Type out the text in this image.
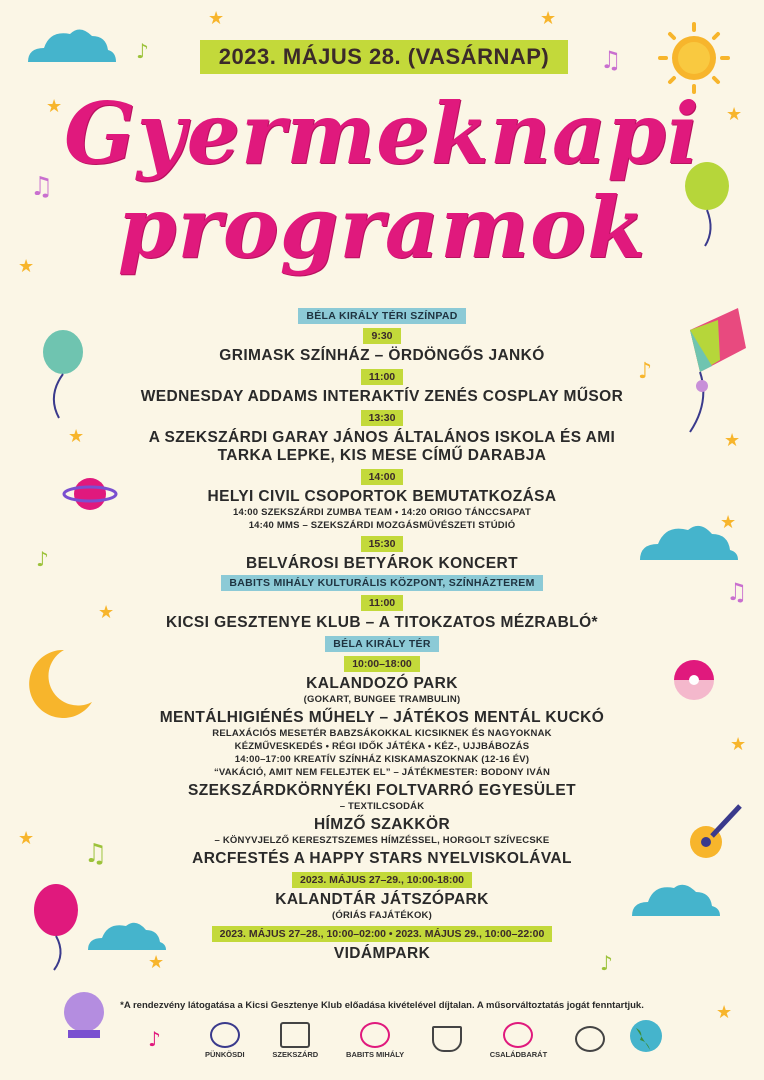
♫
♫
♪
♪
♪
♫
♫
♪
♪
★	★
★	★
★
★	★
★
★
★
★
★
★
2023. MÁJUS 28. (VASÁRNAP)
Gyermeknapi
programok
BÉLA KIRÁLY TÉRI SZÍNPAD
9:30
GRIMASK SZÍNHÁZ – ÖRDÖNGŐS JANKÓ
11:00
WEDNESDAY ADDAMS INTERAKTÍV ZENÉS COSPLAY MŰSOR
13:30
A SZEKSZÁRDI GARAY JÁNOS ÁLTALÁNOS ISKOLA ÉS AMI
TARKA LEPKE, KIS MESE CÍMŰ DARABJA
14:00
HELYI CIVIL CSOPORTOK BEMUTATKOZÁSA
14:00 SZEKSZÁRDI ZUMBA TEAM • 14:20 ORIGO TÁNCCSAPAT
14:40 MMS – SZEKSZÁRDI MOZGÁSMŰVÉSZETI STÚDIÓ
15:30
BELVÁROSI BETYÁROK KONCERT
BABITS MIHÁLY KULTURÁLIS KÖZPONT, SZÍNHÁZTEREM
11:00
KICSI GESZTENYE KLUB – A TITOKZATOS MÉZRABLÓ*
BÉLA KIRÁLY TÉR
10:00–18:00
KALANDOZÓ PARK
(GOKART, BUNGEE TRAMBULIN)
MENTÁLHIGIÉNÉS MŰHELY – JÁTÉKOS MENTÁL KUCKÓ
RELAXÁCIÓS MESETÉR BABZSÁKOKKAL KICSIKNEK ÉS NAGYOKNAK
KÉZMŰVESKEDÉS • RÉGI IDŐK JÁTÉKA • KÉZ-, UJJBÁBOZÁS
14:00–17:00 KREATÍV SZÍNHÁZ KISKAMASZOKNAK (12-16 ÉV)
“VAKÁCIÓ, AMIT NEM FELEJTEK EL” – JÁTÉKMESTER: BODONY IVÁN
SZEKSZÁRDKÖRNYÉKI FOLTVARRÓ EGYESÜLET
– TEXTILCSODÁK
HÍMZŐ SZAKKÖR
– KÖNYVJELZŐ KERESZTSZEMES HÍMZÉSSEL, HORGOLT SZÍVECSKE
ARCFESTÉS A HAPPY STARS NYELVISKOLÁVAL
2023. MÁJUS 27–29., 10:00-18:00
KALANDTÁR JÁTSZÓPARK
(ÓRIÁS FAJÁTÉKOK)
2023. MÁJUS 27–28., 10:00–02:00 • 2023. MÁJUS 29., 10:00–22:00
VIDÁMPARK
*A rendezvény látogatása a Kicsi Gesztenye Klub előadása kivételével díjtalan. A műsorváltoztatás jogát fenntartjuk.
PÜNKÖSDI	SZEKSZÁRD	BABITS MIHÁLY	CSALÁDBARÁT
